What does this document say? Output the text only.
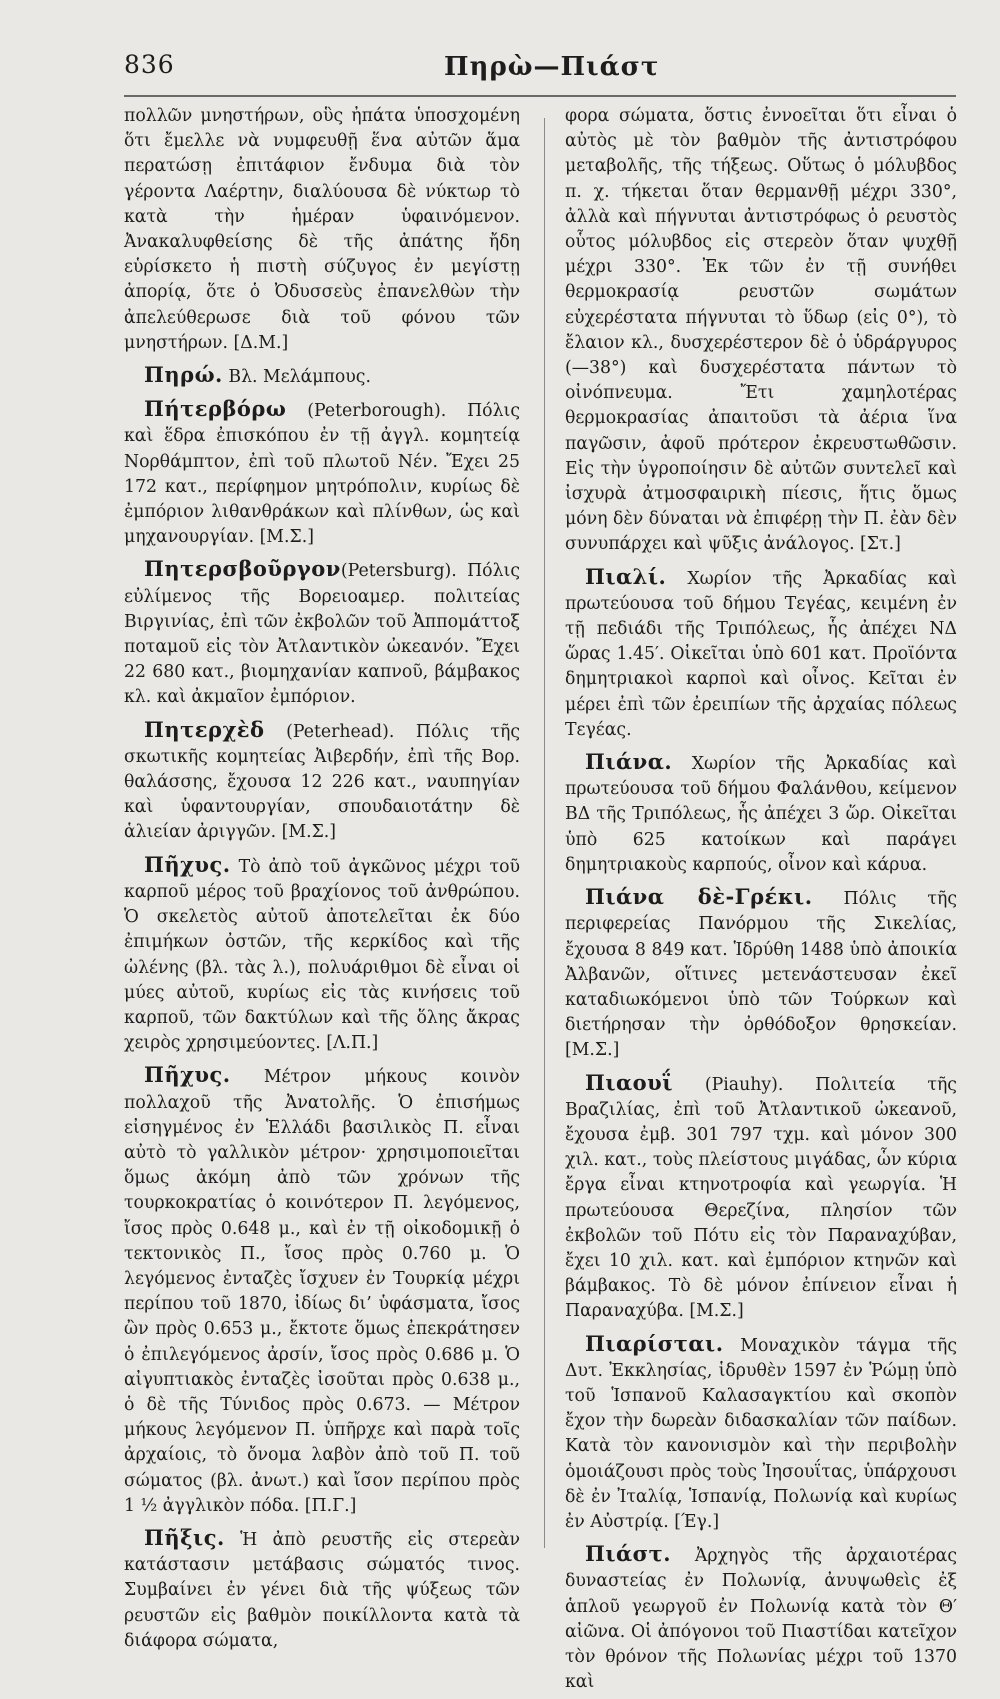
836	Πηρὼ—Πιάστ

πολλῶν μνηστήρων, οὓς ἠπάτα ὑποσχομένη ὅτι ἔμελλε νὰ νυμφευθῇ ἕνα αὐτῶν ἅμα περατώσῃ ἐπιτάφιον ἔνδυμα διὰ τὸν γέροντα Λαέρτην, διαλύουσα δὲ νύκτωρ τὸ κατὰ τὴν ἡμέραν ὑφαινόμενον. Ἀνακαλυφθείσης δὲ τῆς ἀπάτης ἤδη εὑρίσκετο ἡ πιστὴ σύζυγος ἐν μεγίστῃ ἀπορίᾳ, ὅτε ὁ Ὀδυσσεὺς ἐπανελθὼν τὴν ἀπελεύθερωσε διὰ τοῦ φόνου τῶν μνηστήρων. [Δ.Μ.]

Πηρώ. Βλ. Μελάμπους.

Πήτερβόρω (Peterborough). Πόλις καὶ ἕδρα ἐπισκόπου ἐν τῇ ἀγγλ. κομητείᾳ Νορθάμπτον, ἐπὶ τοῦ πλωτοῦ Νέν. Ἔχει 25 172 κατ., περίφημον μητρόπολιν, κυρίως δὲ ἐμπόριον λιθανθράκων καὶ πλίνθων, ὡς καὶ μηχανουργίαν. [Μ.Σ.]

Πητερσβοῦργον(Petersburg). Πόλις εὐλίμενος τῆς Βορειοαμερ. πολιτείας Βιργινίας, ἐπὶ τῶν ἐκβολῶν τοῦ Ἀππομάττοξ ποταμοῦ εἰς τὸν Ἀτλαντικὸν ὠκεανόν. Ἔχει 22 680 κατ., βιομηχανίαν καπνοῦ, βάμβακος κλ. καὶ ἀκμαῖον ἐμπόριον.

Πητερχὲδ (Peterhead). Πόλις τῆς σκωτικῆς κομητείας Ἀιβερδήν, ἐπὶ τῆς Βορ. θαλάσσης, ἔχουσα 12 226 κατ., ναυπηγίαν καὶ ὑφαντουργίαν, σπουδαιοτάτην δὲ ἁλιείαν ἀριγγῶν. [Μ.Σ.]

Πῆχυς. Τὸ ἀπὸ τοῦ ἀγκῶνος μέχρι τοῦ καρποῦ μέρος τοῦ βραχίονος τοῦ ἀνθρώπου. Ὁ σκελετὸς αὐτοῦ ἀποτελεῖται ἐκ δύο ἐπιμήκων ὀστῶν, τῆς κερκίδος καὶ τῆς ὠλένης (βλ. τὰς λ.), πολυάριθμοι δὲ εἶναι οἱ μύες αὐτοῦ, κυρίως εἰς τὰς κινήσεις τοῦ καρποῦ, τῶν δακτύλων καὶ τῆς ὅλης ἄκρας χειρὸς χρησιμεύοντες. [Λ.Π.]

Πῆχυς. Μέτρον μήκους κοινὸν πολλαχοῦ τῆς Ἀνατολῆς. Ὁ ἐπισήμως εἰσηγμένος ἐν Ἑλλάδι βασιλικὸς Π. εἶναι αὐτὸ τὸ γαλλικὸν μέτρον· χρησιμοποιεῖται ὅμως ἀκόμη ἀπὸ τῶν χρόνων τῆς τουρκοκρατίας ὁ κοινότερον Π. λεγόμενος, ἴσος πρὸς 0.648 μ., καὶ ἐν τῇ οἰκοδομικῇ ὁ τεκτονικὸς Π., ἴσος πρὸς 0.760 μ. Ὁ λεγόμενος ἐνταζὲς ἴσχυεν ἐν Τουρκίᾳ μέχρι περίπου τοῦ 1870, ἰδίως δι’ ὑφάσματα, ἴσος ὢν πρὸς 0.653 μ., ἔκτοτε ὅμως ἐπεκράτησεν ὁ ἐπιλεγόμενος ἀρσίν, ἴσος πρὸς 0.686 μ. Ὁ αἰγυπτιακὸς ἐνταζὲς ἰσοῦται πρὸς 0.638 μ., ὁ δὲ τῆς Τύνιδος πρὸς 0.673. — Μέτρον μήκους λεγόμενον Π. ὑπῆρχε καὶ παρὰ τοῖς ἀρχαίοις, τὸ ὄνομα λαβὸν ἀπὸ τοῦ Π. τοῦ σώματος (βλ. ἀνωτ.) καὶ ἴσον περίπου πρὸς 1 ½ ἀγγλικὸν πόδα. [Π.Γ.]

Πῆξις. Ἡ ἀπὸ ρευστῆς εἰς στερεὰν κατάστασιν μετάβασις σώματός τινος. Συμβαίνει ἐν γένει διὰ τῆς ψύξεως τῶν ρευστῶν εἰς βαθμὸν ποικίλλοντα κατὰ τὰ διάφορα σώματα,

φορα σώματα, ὅστις ἐννοεῖται ὅτι εἶναι ὁ αὐτὸς μὲ τὸν βαθμὸν τῆς ἀντιστρόφου μεταβολῆς, τῆς τήξεως. Οὕτως ὁ μόλυβδος π. χ. τήκεται ὅταν θερμανθῇ μέχρι 330°, ἀλλὰ καὶ πήγνυται ἀντιστρόφως ὁ ρευστὸς οὗτος μόλυβδος εἰς στερεὸν ὅταν ψυχθῇ μέχρι 330°. Ἐκ τῶν ἐν τῇ συνήθει θερμοκρασίᾳ ρευστῶν σωμάτων εὐχερέστατα πήγνυται τὸ ὕδωρ (εἰς 0°), τὸ ἔλαιον κλ., δυσχερέστερον δὲ ὁ ὑδράργυρος (—38°) καὶ δυσχερέστατα πάντων τὸ οἰνόπνευμα. Ἔτι χαμηλοτέρας θερμοκρασίας ἀπαιτοῦσι τὰ ἀέρια ἵνα παγῶσιν, ἀφοῦ πρότερον ἐκρευστωθῶσιν. Εἰς τὴν ὑγροποίησιν δὲ αὐτῶν συντελεῖ καὶ ἰσχυρὰ ἀτμοσφαιρικὴ πίεσις, ἥτις ὅμως μόνη δὲν δύναται νὰ ἐπιφέρῃ τὴν Π. ἐὰν δὲν συνυπάρχει καὶ ψῦξις ἀνάλογος. [Στ.]

Πιαλί. Χωρίον τῆς Ἀρκαδίας καὶ πρωτεύουσα τοῦ δήμου Τεγέας, κειμένη ἐν τῇ πεδιάδι τῆς Τριπόλεως, ἧς ἀπέχει ΝΔ ὥρας 1.45′. Οἰκεῖται ὑπὸ 601 κατ. Προϊόντα δημητριακοὶ καρποὶ καὶ οἶνος. Κεῖται ἐν μέρει ἐπὶ τῶν ἐρειπίων τῆς ἀρχαίας πόλεως Τεγέας.

Πιάνα. Χωρίον τῆς Ἀρκαδίας καὶ πρωτεύουσα τοῦ δήμου Φαλάνθου, κείμενον ΒΔ τῆς Τριπόλεως, ἧς ἀπέχει 3 ὥρ. Οἰκεῖται ὑπὸ 625 κατοίκων καὶ παράγει δημητριακοὺς καρπούς, οἶνον καὶ κάρυα.

Πιάνα δὲ-Γρέκι. Πόλις τῆς περιφερείας Πανόρμου τῆς Σικελίας, ἔχουσα 8 849 κατ. Ἱδρύθη 1488 ὑπὸ ἀποικία Ἀλβανῶν, οἵτινες μετενάστευσαν ἐκεῖ καταδιωκόμενοι ὑπὸ τῶν Τούρκων καὶ διετήρησαν τὴν ὀρθόδοξον θρησκείαν. [Μ.Σ.]

Πιαουΐ (Piauhy). Πολιτεία τῆς Βραζιλίας, ἐπὶ τοῦ Ἀτλαντικοῦ ὠκεανοῦ, ἔχουσα ἐμβ. 301 797 τχμ. καὶ μόνον 300 χιλ. κατ., τοὺς πλείστους μιγάδας, ὧν κύρια ἔργα εἶναι κτηνοτροφία καὶ γεωργία. Ἡ πρωτεύουσα Θερεζίνα, πλησίον τῶν ἐκβολῶν τοῦ Πότυ εἰς τὸν Παραναχύβαν, ἔχει 10 χιλ. κατ. καὶ ἐμπόριον κτηνῶν καὶ βάμβακος. Τὸ δὲ μόνον ἐπίνειον εἶναι ἡ Παραναχύβα. [Μ.Σ.]

Πιαρίσται. Μοναχικὸν τάγμα τῆς Δυτ. Ἐκκλησίας, ἱδρυθὲν 1597 ἐν Ῥώμῃ ὑπὸ τοῦ Ἱσπανοῦ Καλασαγκτίου καὶ σκοπὸν ἔχον τὴν δωρεὰν διδασκαλίαν τῶν παίδων. Κατὰ τὸν κανονισμὸν καὶ τὴν περιβολὴν ὁμοιάζουσι πρὸς τοὺς Ἰησουΐτας, ὑπάρχουσι δὲ ἐν Ἰταλίᾳ, Ἱσπανίᾳ, Πολωνίᾳ καὶ κυρίως ἐν Αὐστρίᾳ. [Έγ.]

Πιάστ. Ἀρχηγὸς τῆς ἀρχαιοτέρας δυναστείας ἐν Πολωνίᾳ, ἀνυψωθεὶς ἐξ ἁπλοῦ γεωργοῦ ἐν Πολωνίᾳ κατὰ τὸν Θ′ αἰῶνα. Οἱ ἀπόγονοι τοῦ Πιαστίδαι κατεῖχον τὸν θρόνον τῆς Πολωνίας μέχρι τοῦ 1370 καὶ
